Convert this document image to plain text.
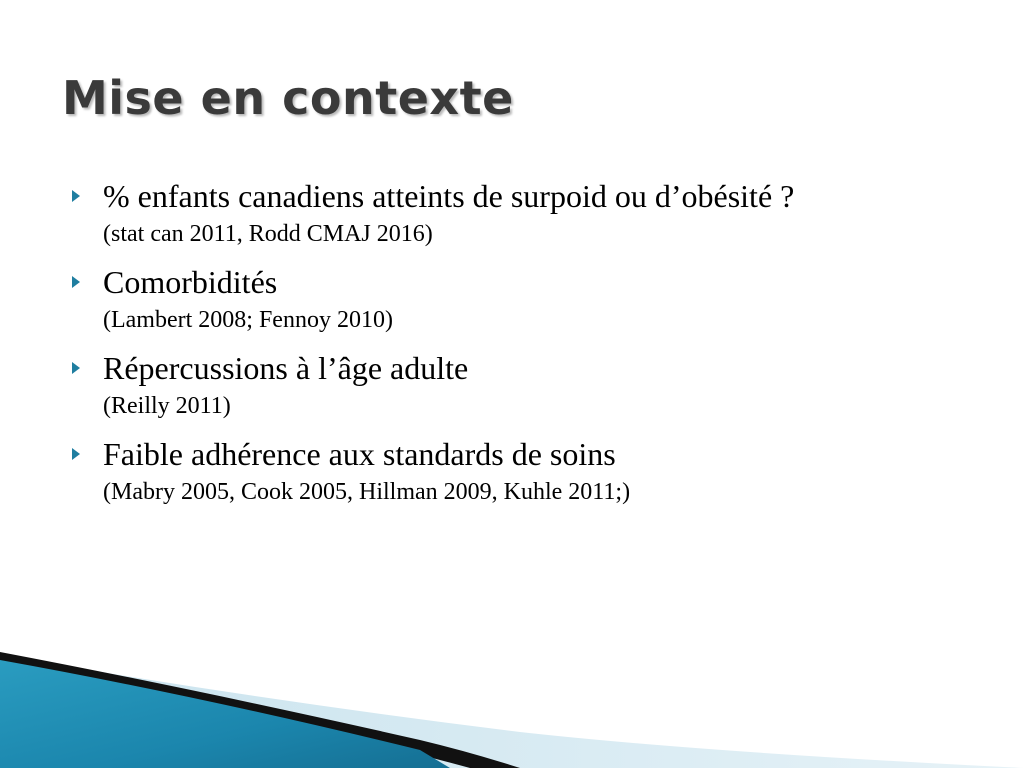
Mise en contexte
% enfants canadiens atteints de surpoid ou d’obésité ?
(stat can 2011, Rodd CMAJ 2016)
Comorbidités
(Lambert 2008; Fennoy 2010)
Répercussions à l’âge adulte
(Reilly 2011)
Faible adhérence aux standards de soins
(Mabry 2005, Cook 2005, Hillman 2009, Kuhle 2011;)
